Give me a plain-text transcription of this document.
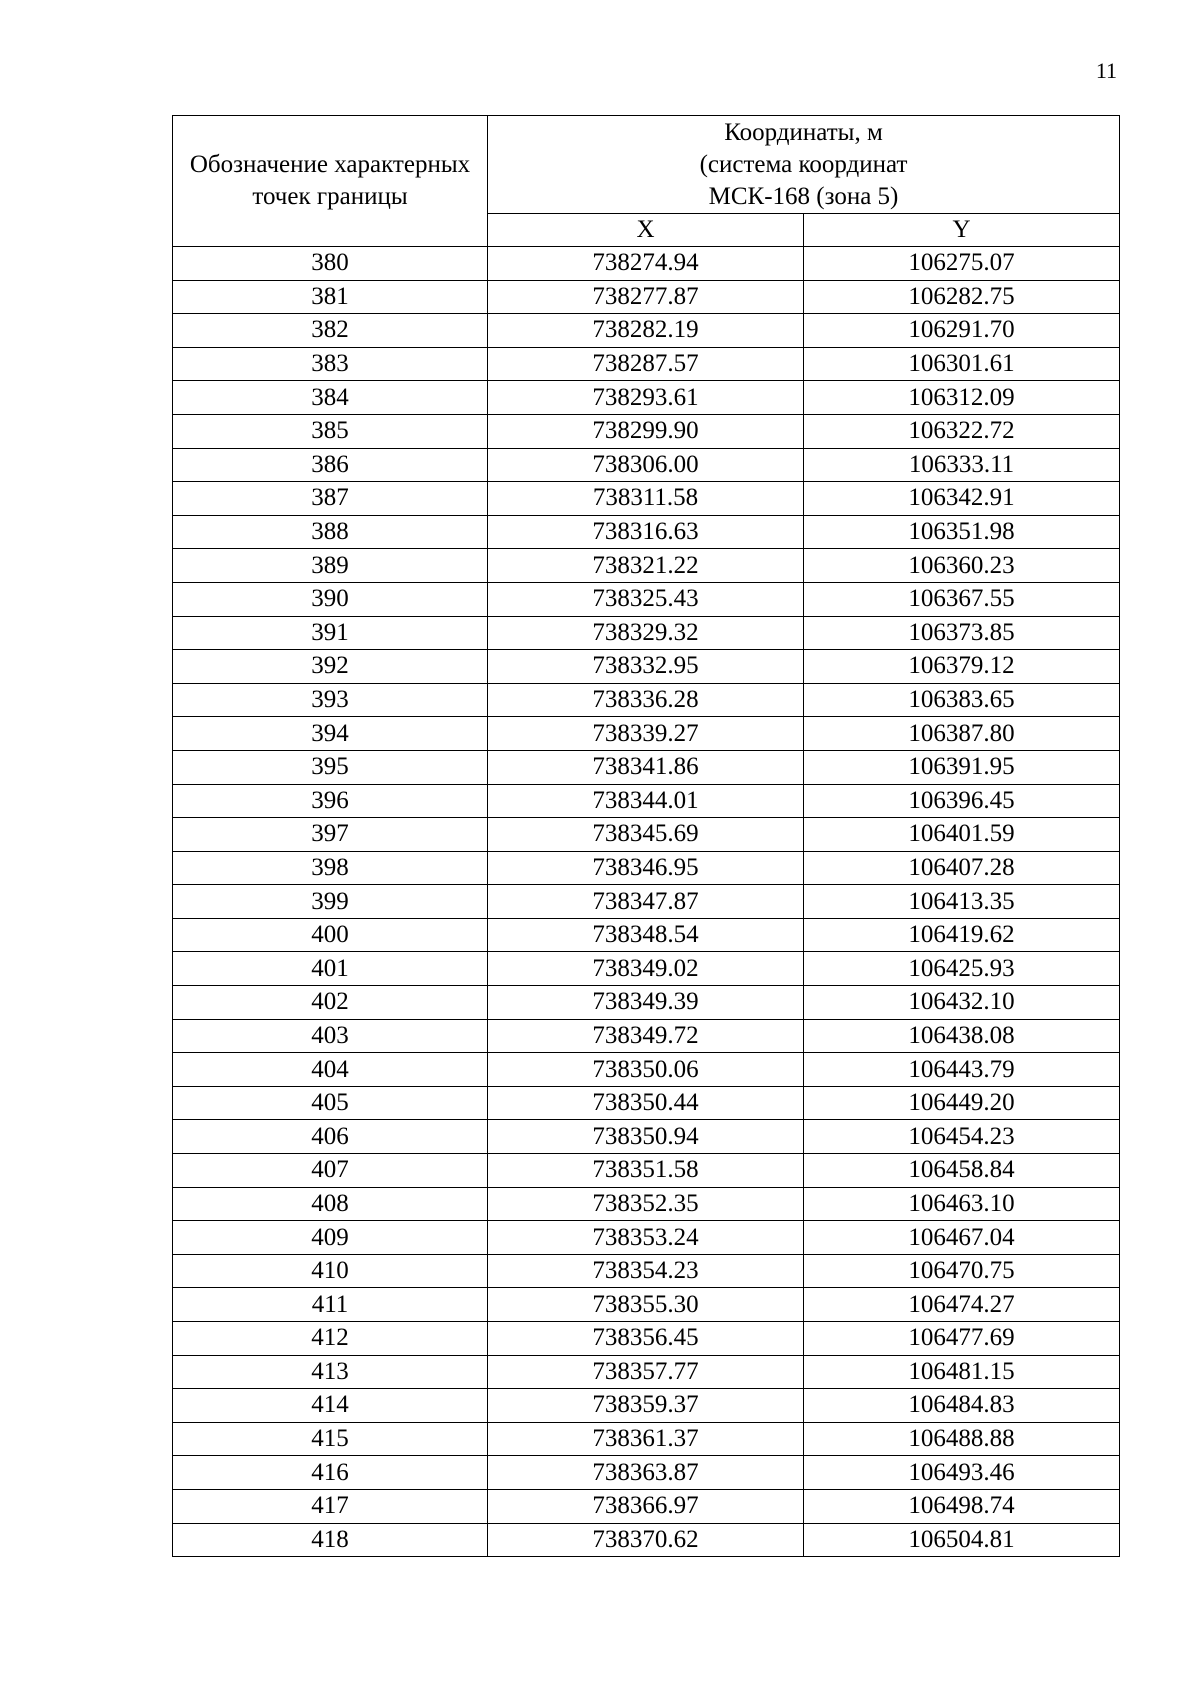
11
Обозначение характерных точек границы	Координаты, м
(система координат
МСК-168 (зона 5)	

	X	Y
380	738274.94	106275.07
381	738277.87	106282.75
382	738282.19	106291.70
383	738287.57	106301.61
384	738293.61	106312.09
385	738299.90	106322.72
386	738306.00	106333.11
387	738311.58	106342.91
388	738316.63	106351.98
389	738321.22	106360.23
390	738325.43	106367.55
391	738329.32	106373.85
392	738332.95	106379.12
393	738336.28	106383.65
394	738339.27	106387.80
395	738341.86	106391.95
396	738344.01	106396.45
397	738345.69	106401.59
398	738346.95	106407.28
399	738347.87	106413.35
400	738348.54	106419.62
401	738349.02	106425.93
402	738349.39	106432.10
403	738349.72	106438.08
404	738350.06	106443.79
405	738350.44	106449.20
406	738350.94	106454.23
407	738351.58	106458.84
408	738352.35	106463.10
409	738353.24	106467.04
410	738354.23	106470.75
411	738355.30	106474.27
412	738356.45	106477.69
413	738357.77	106481.15
414	738359.37	106484.83
415	738361.37	106488.88
416	738363.87	106493.46
417	738366.97	106498.74
418	738370.62	106504.81
